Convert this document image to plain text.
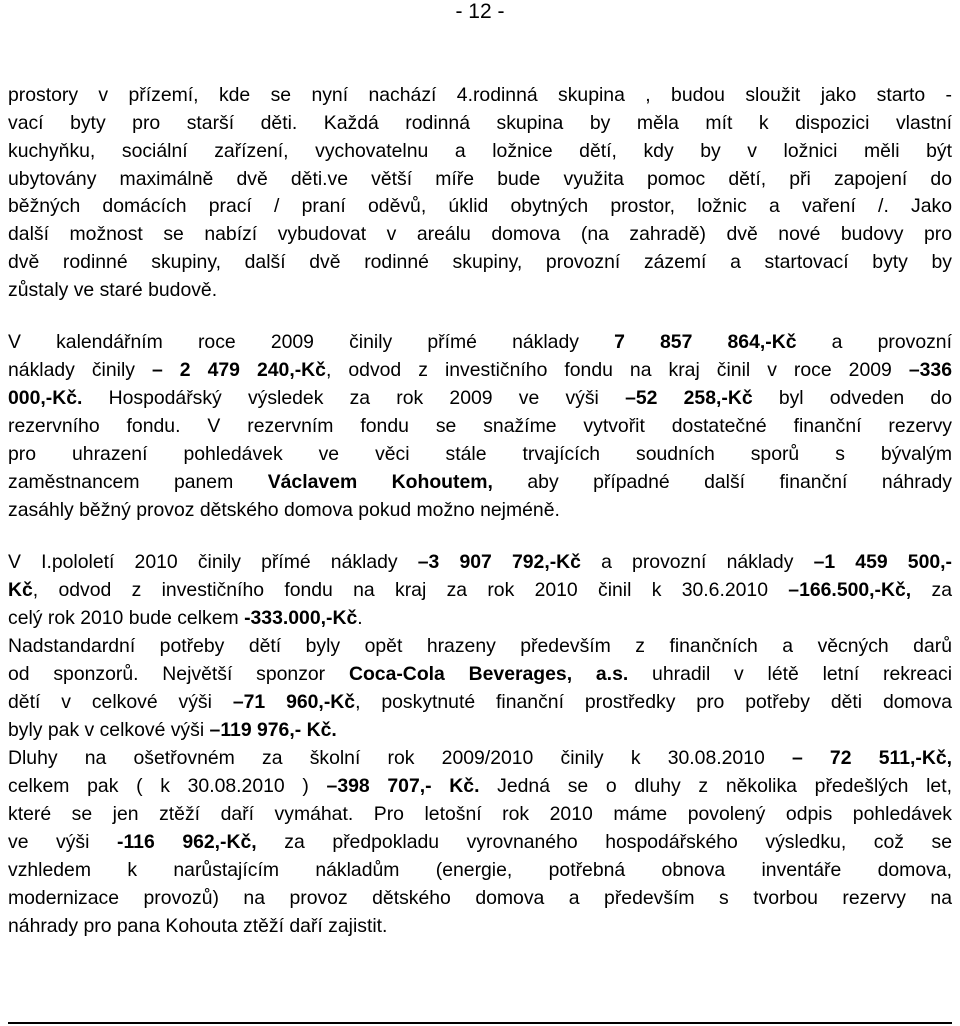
- 12 -
prostory v přízemí, kde se nyní nachází 4.rodinná skupina , budou sloužit jako starto -
vací byty pro starší děti. Každá rodinná skupina by měla mít k dispozici vlastní
kuchyňku, sociální zařízení, vychovatelnu a ložnice dětí, kdy by v ložnici měli být
ubytovány maximálně dvě děti.ve větší míře bude využita pomoc dětí, při zapojení do
běžných domácích prací / praní oděvů, úklid obytných prostor, ložnic a vaření /. Jako
další možnost se nabízí vybudovat v areálu domova (na zahradě) dvě nové budovy pro
dvě rodinné skupiny, další dvě rodinné skupiny, provozní zázemí a startovací byty by
zůstaly ve staré budově.
V kalendářním roce 2009 činily přímé náklady 7 857 864,-Kč a provozní
náklady činily – 2 479 240,-Kč, odvod z investičního fondu na kraj činil v roce 2009 –336
000,-Kč. Hospodářský výsledek za rok 2009 ve výši –52 258,-Kč byl odveden do
rezervního fondu. V rezervním fondu se snažíme vytvořit dostatečné finanční rezervy
pro uhrazení pohledávek ve věci stále trvajících soudních sporů s bývalým
zaměstnancem panem Václavem Kohoutem, aby případné další finanční náhrady
zasáhly běžný provoz dětského domova pokud možno nejméně.
V I.pololetí 2010 činily přímé náklady –3 907 792,-Kč a provozní náklady –1 459 500,-
Kč, odvod z investičního fondu na kraj za rok 2010 činil k 30.6.2010 –166.500,-Kč, za
celý rok 2010 bude celkem -333.000,-Kč.
Nadstandardní potřeby dětí byly opět hrazeny především z finančních a věcných darů
od sponzorů. Největší sponzor Coca-Cola Beverages, a.s. uhradil v létě letní rekreaci
dětí v celkové výši –71 960,-Kč, poskytnuté finanční prostředky pro potřeby děti domova
byly pak v celkové výši –119 976,- Kč.
Dluhy na ošetřovném za školní rok 2009/2010 činily k 30.08.2010 – 72 511,-Kč,
celkem pak ( k 30.08.2010 ) –398 707,- Kč. Jedná se o dluhy z několika předešlých let,
které se jen ztěží daří vymáhat. Pro letošní rok 2010 máme povolený odpis pohledávek
ve výši -116 962,-Kč, za předpokladu vyrovnaného hospodářského výsledku, což se
vzhledem k narůstajícím nákladům (energie, potřebná obnova inventáře domova,
modernizace provozů) na provoz dětského domova a především s tvorbou rezervy na
náhrady pro pana Kohouta ztěží daří zajistit.
